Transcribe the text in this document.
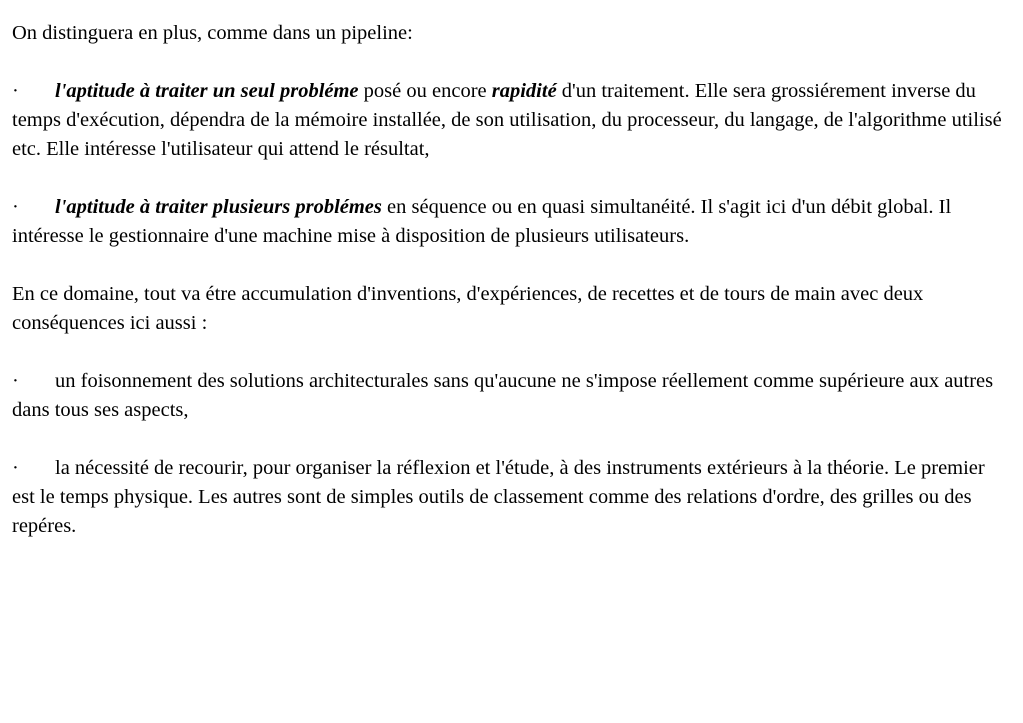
On distinguera en plus, comme dans un pipeline:

· l'aptitude à traiter un seul probléme posé ou encore rapidité d'un traitement. Elle sera grossiérement inverse du temps d'exécution, dépendra de la mémoire installée, de son utilisation, du processeur, du langage, de l'algorithme utilisé etc. Elle intéresse l'utilisateur qui attend le résultat,

· l'aptitude à traiter plusieurs problémes en séquence ou en quasi simultanéité. Il s'agit ici d'un débit global. Il intéresse le gestionnaire d'une machine mise à disposition de plusieurs utilisateurs.

En ce domaine, tout va étre accumulation d'inventions, d'expériences, de recettes et de tours de main avec deux conséquences ici aussi :

· un foisonnement des solutions architecturales sans qu'aucune ne s'impose réellement comme supérieure aux autres dans tous ses aspects,

· la nécessité de recourir, pour organiser la réflexion et l'étude, à des instruments extérieurs à la théorie. Le premier est le temps physique. Les autres sont de simples outils de classement comme des relations d'ordre, des grilles ou des repéres.
